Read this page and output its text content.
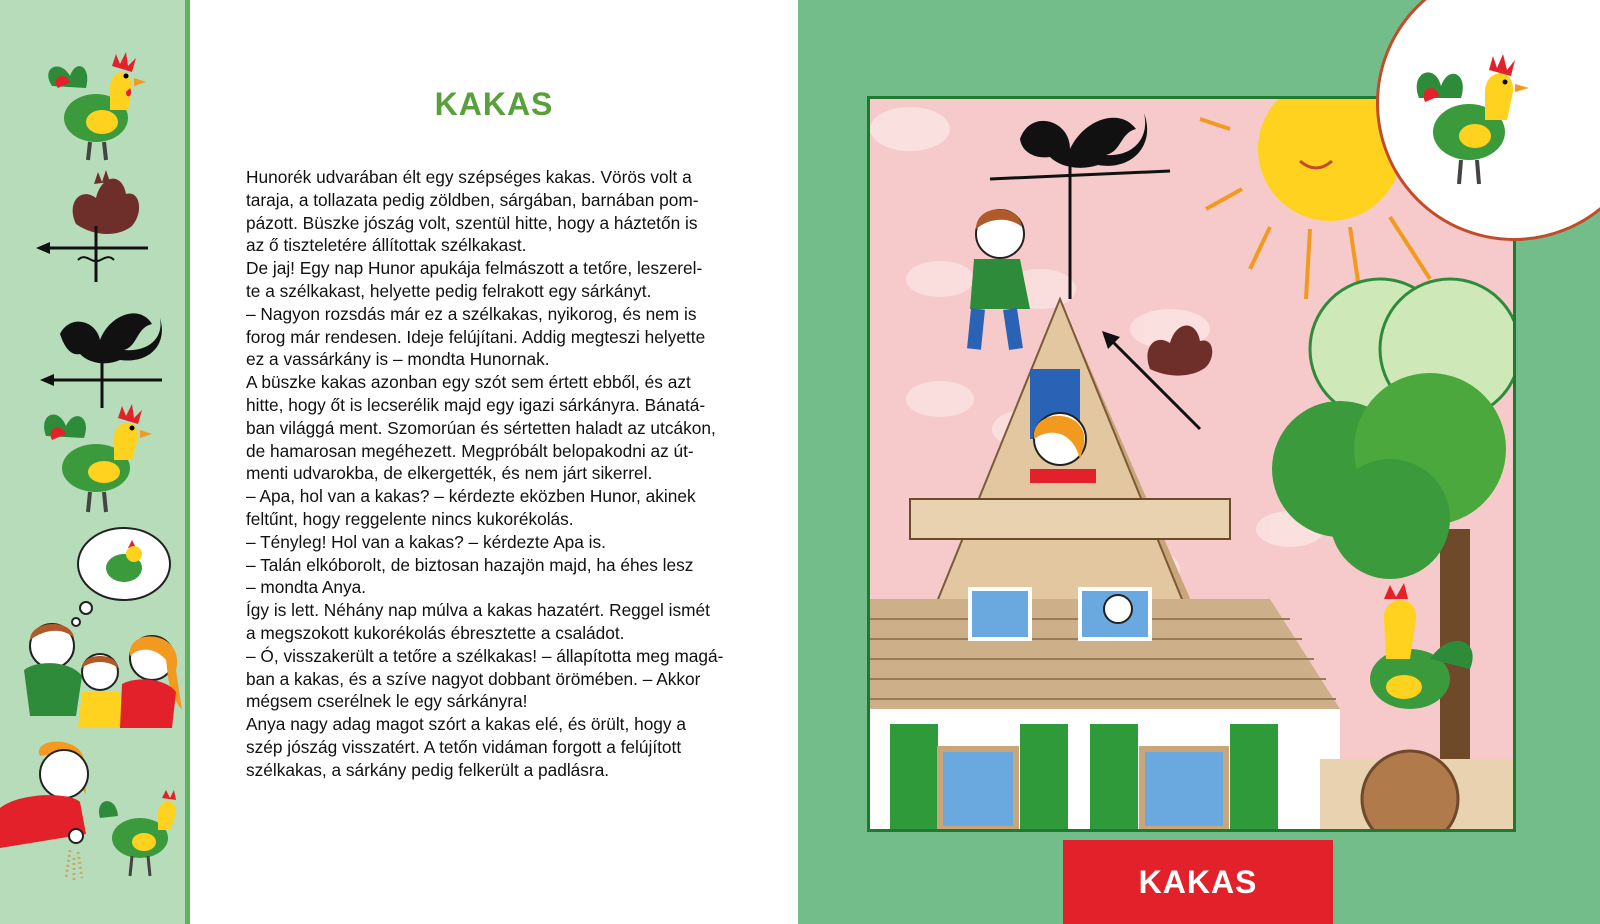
KAKAS
Hunorék udvarában élt egy szépséges kakas. Vörös volt a
taraja, a tollazata pedig zöldben, sárgában, barnában pom-
pázott. Büszke jószág volt, szentül hitte, hogy a háztetőn is
az ő tiszteletére állítottak szélkakast.
De jaj! Egy nap Hunor apukája felmászott a tetőre, leszerel-
te a szélkakast, helyette pedig felrakott egy sárkányt.
– Nagyon rozsdás már ez a szélkakas, nyikorog, és nem is
forog már rendesen. Ideje felújítani. Addig megteszi helyette
ez a vassárkány is – mondta Hunornak.
A büszke kakas azonban egy szót sem értett ebből, és azt
hitte, hogy őt is lecserélik majd egy igazi sárkányra. Bánatá-
ban világgá ment. Szomorúan és sértetten haladt az utcákon,
de hamarosan megéhezett. Megpróbált belopakodni az út-
menti udvarokba, de elkergették, és nem járt sikerrel.
– Apa, hol van a kakas? – kérdezte eközben Hunor, akinek
feltűnt, hogy reggelente nincs kukorékolás.
– Tényleg! Hol van a kakas? – kérdezte Apa is.
– Talán elkóborolt, de biztosan hazajön majd, ha éhes lesz
– mondta Anya.
Így is lett. Néhány nap múlva a kakas hazatért. Reggel ismét
a megszokott kukorékolás ébresztette a családot.
– Ó, visszakerült a tetőre a szélkakas! – állapította meg magá-
ban a kakas, és a szíve nagyot dobbant örömében. – Akkor
mégsem cserélnek le egy sárkányra!
Anya nagy adag magot szórt a kakas elé, és örült, hogy a
szép jószág visszatért. A tetőn vidáman forgott a felújított
szélkakas, a sárkány pedig felkerült a padlásra.
KAKAS
